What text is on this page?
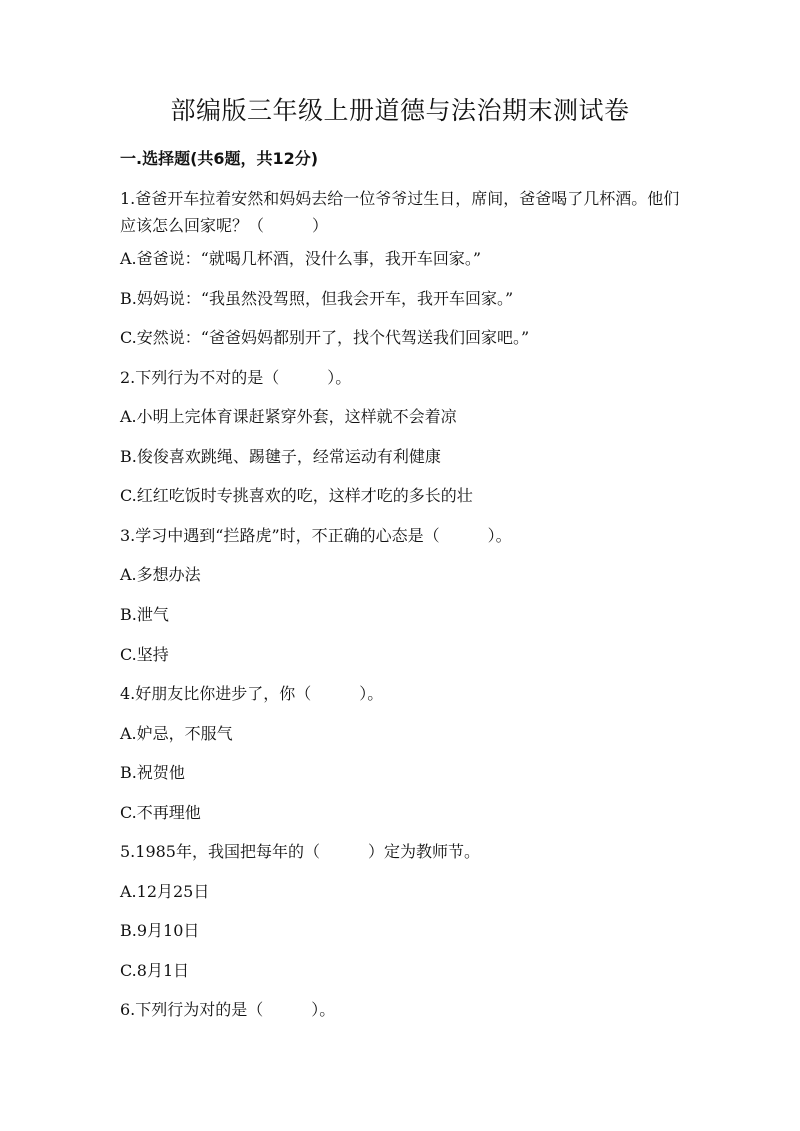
部编版三年级上册道德与法治期末测试卷
一.选择题(共6题，共12分)

1.爸爸开车拉着安然和妈妈去给一位爷爷过生日，席间，爸爸喝了几杯酒。他们应该怎么回家呢？（　　　）

A.爸爸说：“就喝几杯酒，没什么事，我开车回家。”

B.妈妈说：“我虽然没驾照，但我会开车，我开车回家。”

C.安然说：“爸爸妈妈都别开了，找个代驾送我们回家吧。”

2.下列行为不对的是（　　　）。

A.小明上完体育课赶紧穿外套，这样就不会着凉

B.俊俊喜欢跳绳、踢毽子，经常运动有利健康

C.红红吃饭时专挑喜欢的吃，这样才吃的多长的壮

3.学习中遇到“拦路虎”时，不正确的心态是（　　　）。

A.多想办法

B.泄气

C.坚持

4.好朋友比你进步了，你（　　　）。

A.妒忌，不服气

B.祝贺他

C.不再理他

5.1985年，我国把每年的（　　　）定为教师节。

A.12月25日

B.9月10日

C.8月1日

6.下列行为对的是（　　　）。
